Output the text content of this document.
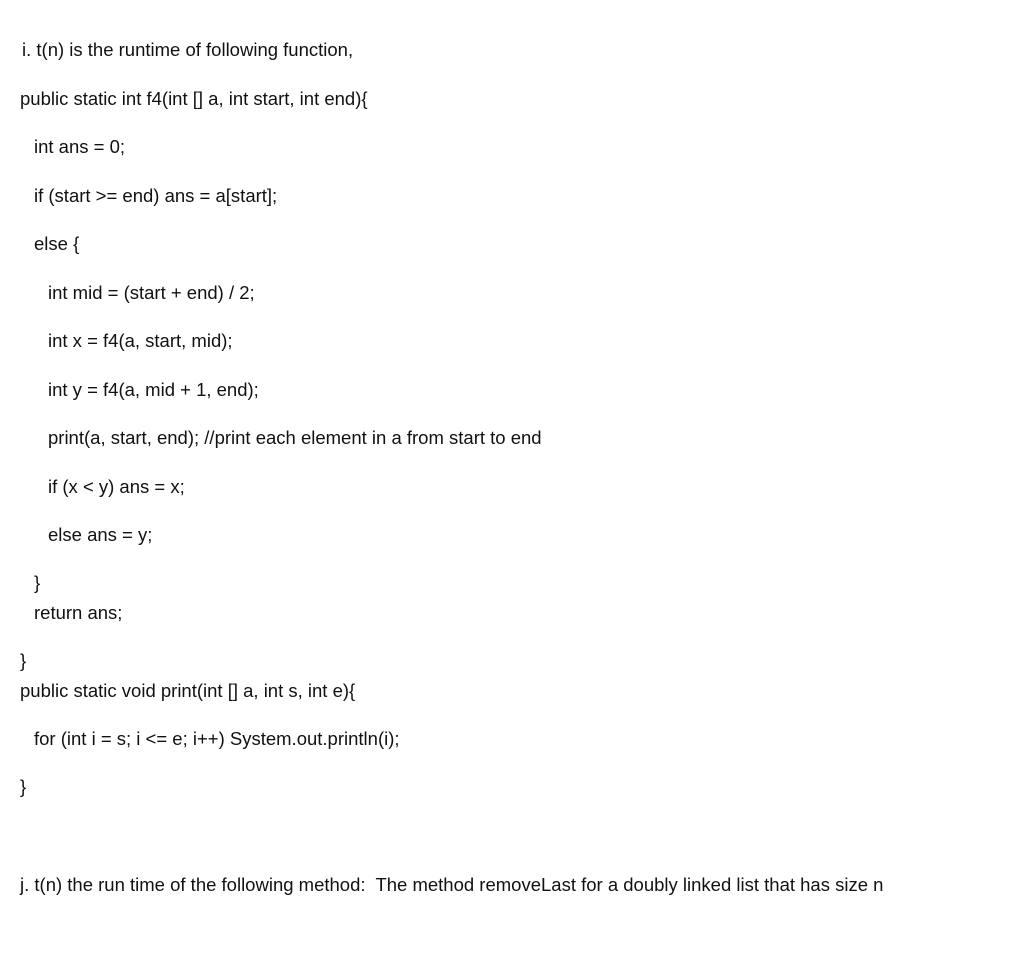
i. t(n) is the runtime of following function,
public static int f4(int [] a, int start, int end){
int ans = 0;
if (start >= end) ans = a[start];
else {
int mid = (start + end) / 2;
int x = f4(a, start, mid);
int y = f4(a, mid + 1, end);
print(a, start, end); //print each element in a from start to end
if (x < y) ans = x;
else ans = y;
}
return ans;
}
public static void print(int [] a, int s, int e){
for (int i = s; i <= e; i++) System.out.println(i);
}
j. t(n) the run time of the following method:  The method removeLast for a doubly linked list that has size n
